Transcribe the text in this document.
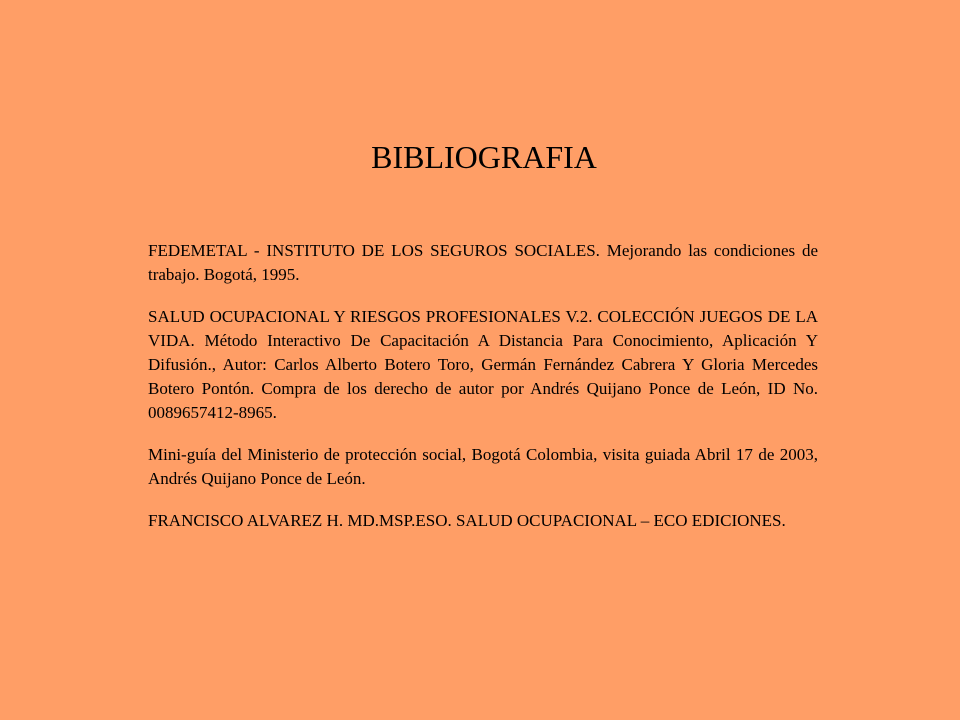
BIBLIOGRAFIA

FEDEMETAL - INSTITUTO DE LOS SEGUROS SOCIALES. Mejorando las condiciones de trabajo. Bogotá, 1995.

SALUD OCUPACIONAL Y RIESGOS PROFESIONALES V.2. COLECCIÓN JUEGOS DE LA VIDA. Método Interactivo De Capacitación A Distancia Para Conocimiento, Aplicación Y Difusión., Autor: Carlos Alberto Botero Toro, Germán Fernández Cabrera Y Gloria Mercedes Botero Pontón. Compra de los derecho de autor por Andrés Quijano Ponce de León, ID No. 0089657412-8965.

Mini-guía del Ministerio de protección social, Bogotá Colombia, visita guiada Abril 17 de 2003, Andrés Quijano Ponce de León.

FRANCISCO ALVAREZ H. MD.MSP.ESO. SALUD OCUPACIONAL – ECO EDICIONES.
